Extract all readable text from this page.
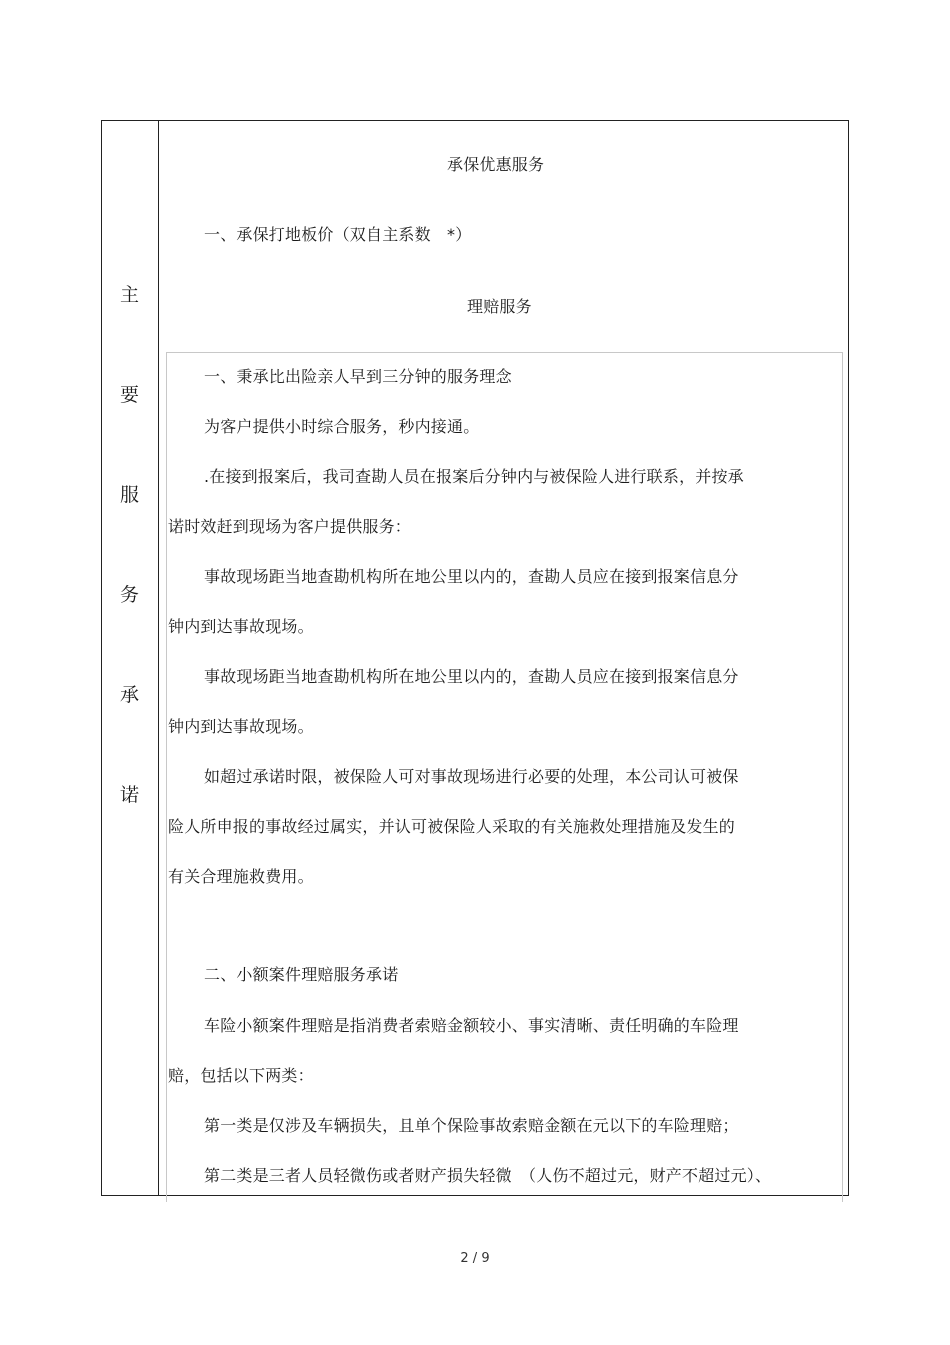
主
要
服
务
承
诺
承保优惠服务
一、承保打地板价（双自主系数　*）
理赔服务
一、秉承比出险亲人早到三分钟的服务理念
为客户提供小时综合服务，秒内接通。
.在接到报案后，我司查勘人员在报案后分钟内与被保险人进行联系，并按承
诺时效赶到现场为客户提供服务：
事故现场距当地查勘机构所在地公里以内的，查勘人员应在接到报案信息分
钟内到达事故现场。
事故现场距当地查勘机构所在地公里以内的，查勘人员应在接到报案信息分
钟内到达事故现场。
如超过承诺时限，被保险人可对事故现场进行必要的处理，本公司认可被保
险人所申报的事故经过属实，并认可被保险人采取的有关施救处理措施及发生的
有关合理施救费用。
二、小额案件理赔服务承诺
车险小额案件理赔是指消费者索赔金额较小、事实清晰、责任明确的车险理
赔，包括以下两类：
第一类是仅涉及车辆损失，且单个保险事故索赔金额在元以下的车险理赔；
第二类是三者人员轻微伤或者财产损失轻微　（人伤不超过元，财产不超过元）、
2 / 9
